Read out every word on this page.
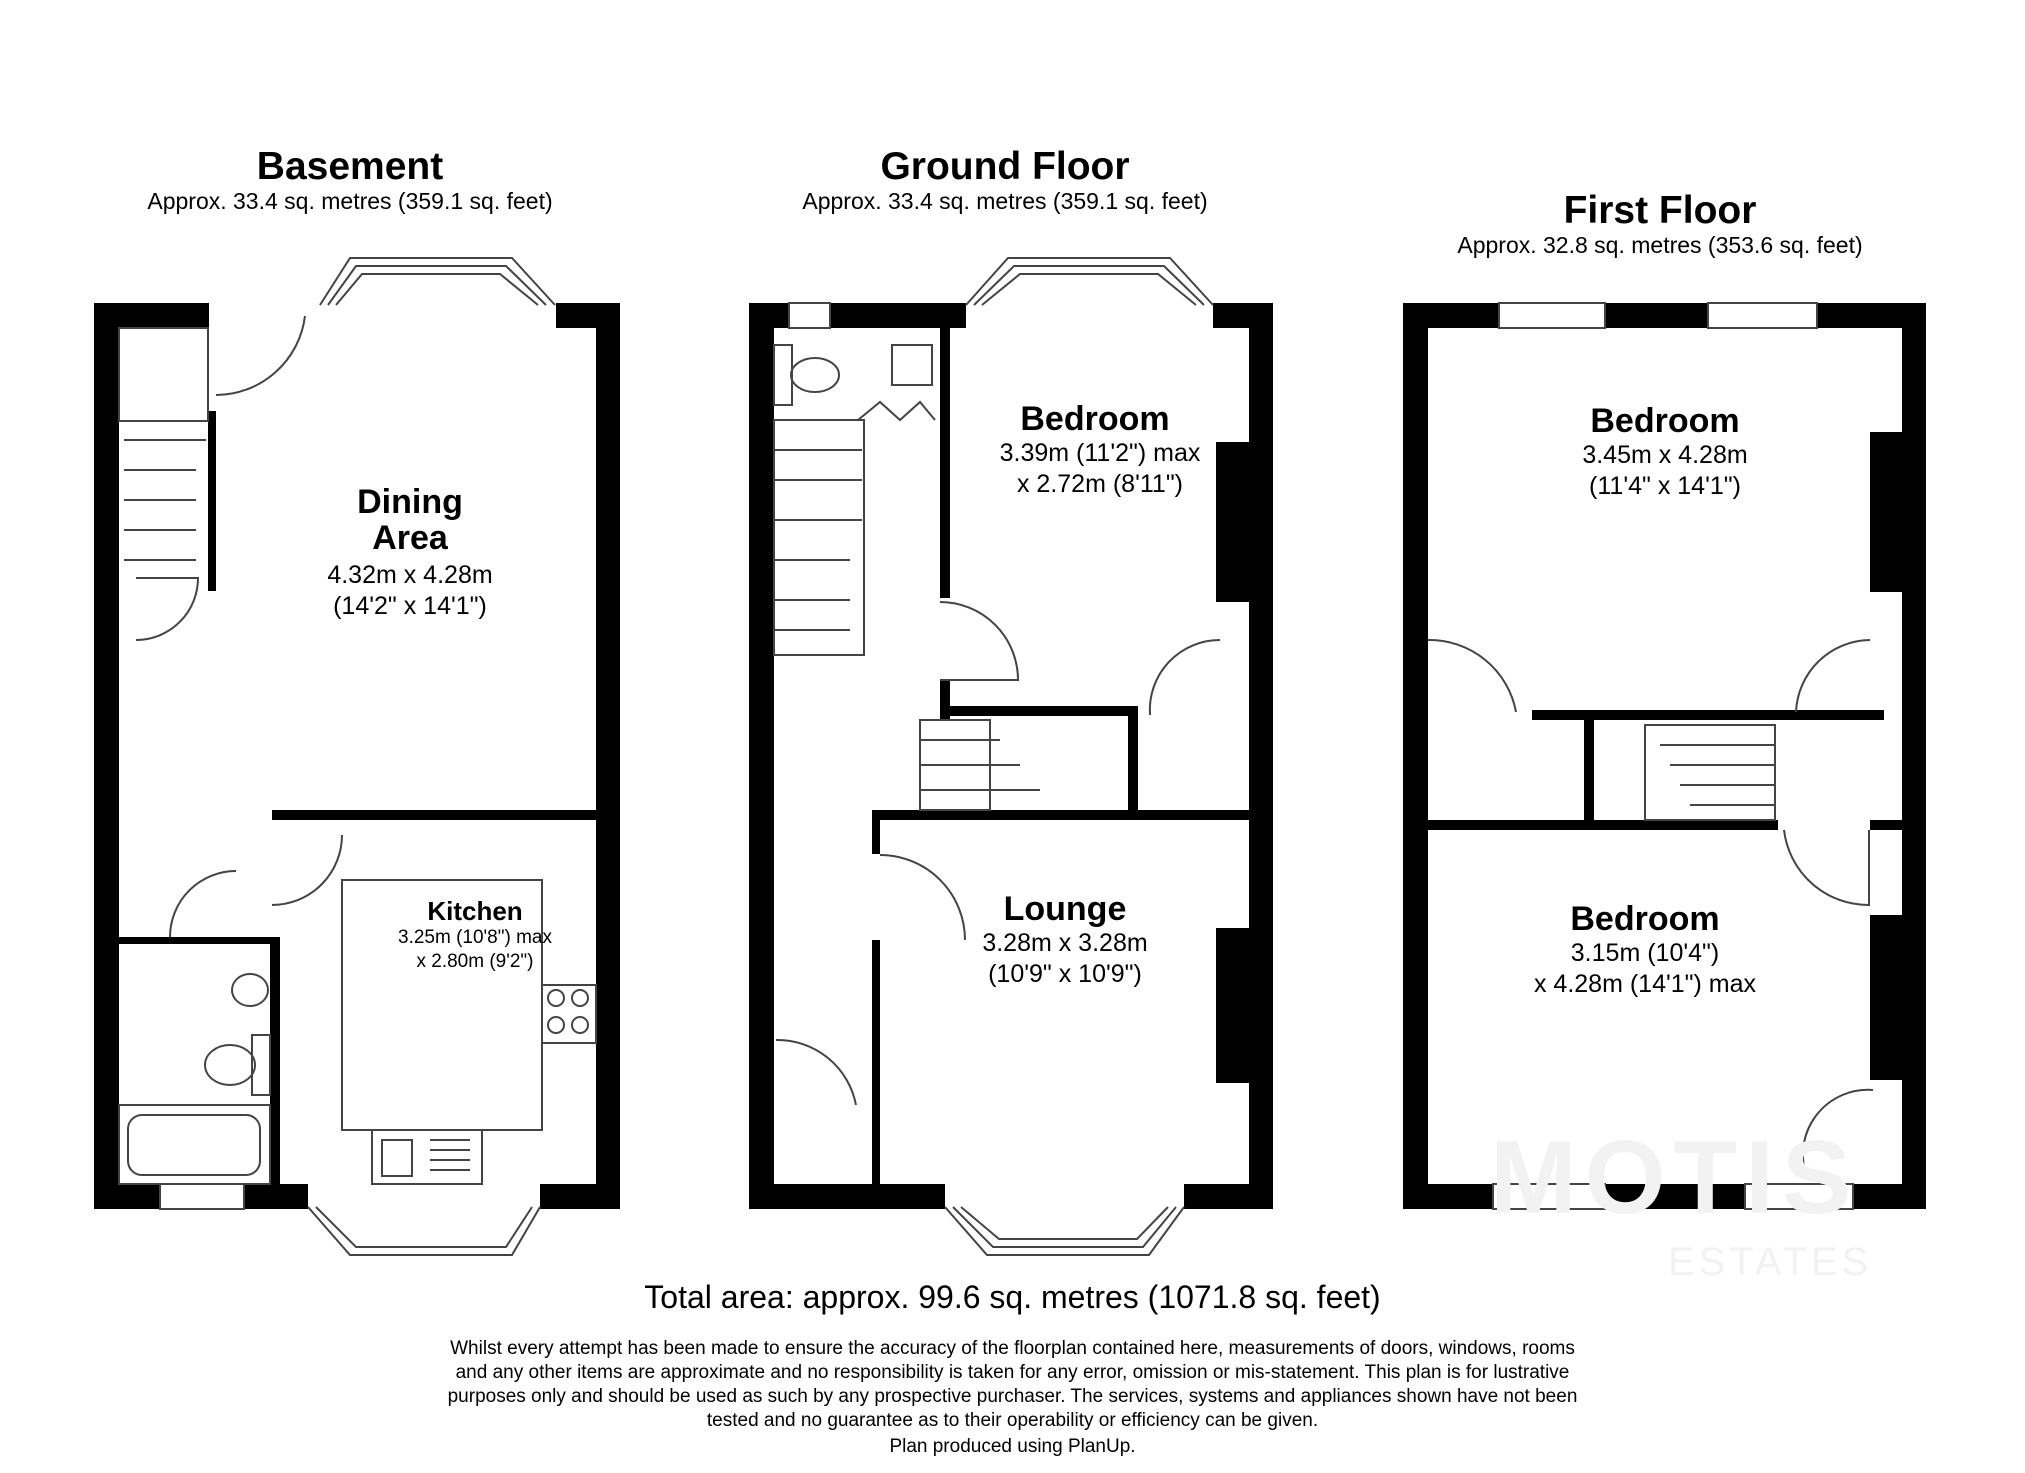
MOTIS
ESTATES
Basement
Approx. 33.4 sq. metres (359.1 sq. feet)
Ground Floor
Approx. 33.4 sq. metres (359.1 sq. feet)	First Floor
Approx. 32.8 sq. metres (353.6 sq. feet)
Dining
Area
4.32m x 4.28m
(14'2" x 14'1")
Kitchen
3.25m (10'8") max
x 2.80m (9'2")
Bedroom
3.39m (11'2") max
x 2.72m (8'11")
Lounge
3.28m x 3.28m
(10'9" x 10'9")
Bedroom
3.45m x 4.28m
(11'4" x 14'1")
Bedroom
3.15m (10'4")
x 4.28m (14'1") max
Total area: approx. 99.6 sq. metres (1071.8 sq. feet)
Whilst every attempt has been made to ensure the accuracy of the floorplan contained here, measurements of doors, windows, rooms
and any other items are approximate and no responsibility is taken for any error, omission or mis-statement. This plan is for lustrative
purposes only and should be used as such by any prospective purchaser. The services, systems and appliances shown have not been
tested and no guarantee as to their operability or efficiency can be given.
Plan produced using PlanUp.
